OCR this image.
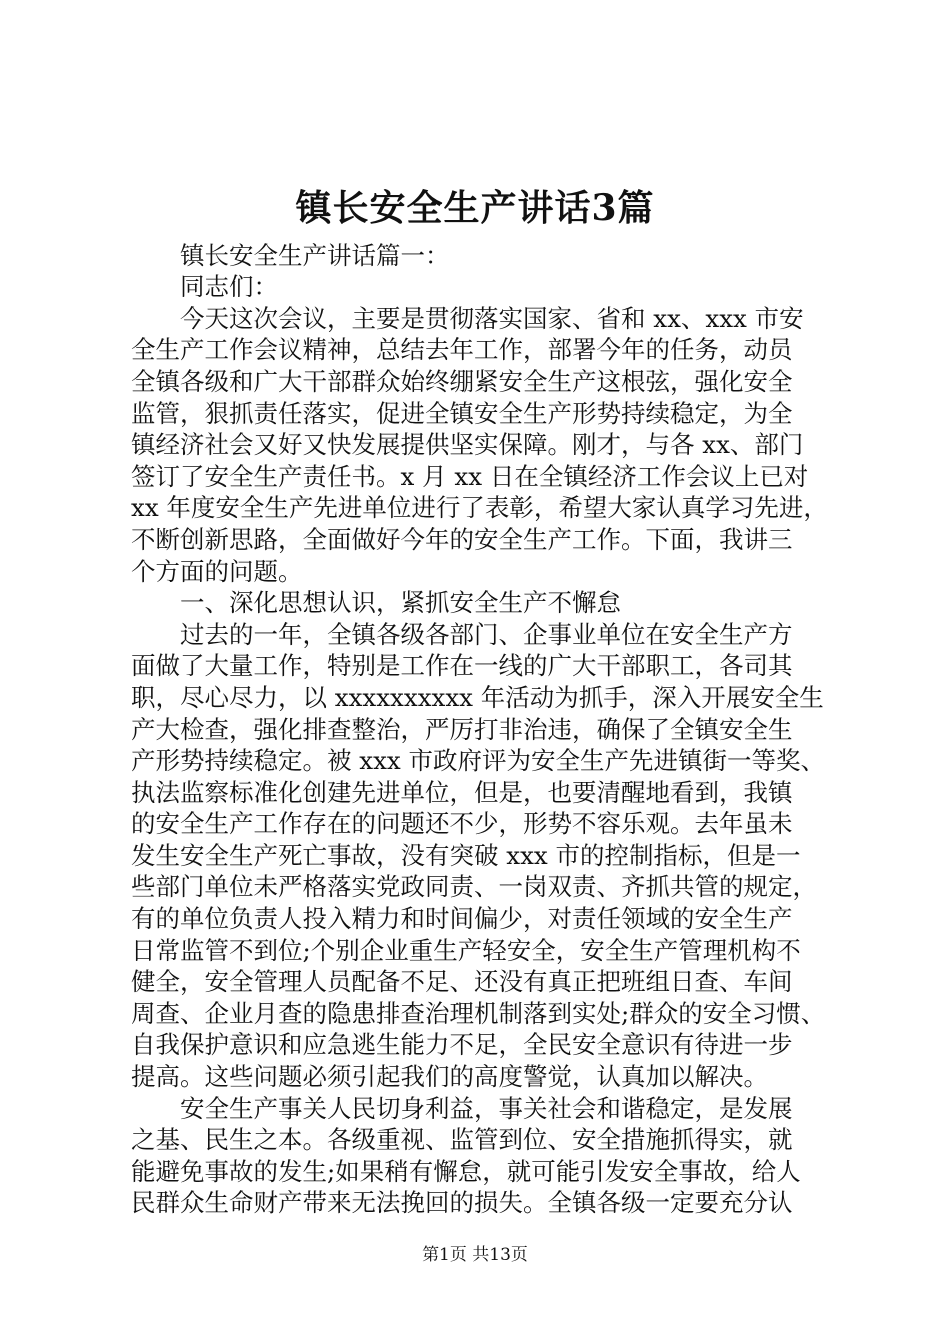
镇长安全生产讲话3篇
　　镇长安全生产讲话篇一：
　　同志们：
　　今天这次会议，主要是贯彻落实国家、省和 xx、xxx 市安
全生产工作会议精神，总结去年工作，部署今年的任务，动员
全镇各级和广大干部群众始终绷紧安全生产这根弦，强化安全
监管，狠抓责任落实，促进全镇安全生产形势持续稳定，为全
镇经济社会又好又快发展提供坚实保障。刚才，与各 xx、部门
签订了安全生产责任书。x 月 xx 日在全镇经济工作会议上已对
xx 年度安全生产先进单位进行了表彰，希望大家认真学习先进，
不断创新思路，全面做好今年的安全生产工作。下面，我讲三
个方面的问题。
　　一、深化思想认识，紧抓安全生产不懈怠
　　过去的一年，全镇各级各部门、企事业单位在安全生产方
面做了大量工作，特别是工作在一线的广大干部职工，各司其
职，尽心尽力，以 xxxxxxxxxx 年活动为抓手，深入开展安全生
产大检查，强化排查整治，严厉打非治违，确保了全镇安全生
产形势持续稳定。被 xxx 市政府评为安全生产先进镇街一等奖、
执法监察标准化创建先进单位，但是，也要清醒地看到，我镇
的安全生产工作存在的问题还不少，形势不容乐观。去年虽未
发生安全生产死亡事故，没有突破 xxx 市的控制指标，但是一
些部门单位未严格落实党政同责、一岗双责、齐抓共管的规定，
有的单位负责人投入精力和时间偏少，对责任领域的安全生产
日常监管不到位;个别企业重生产轻安全，安全生产管理机构不
健全，安全管理人员配备不足、还没有真正把班组日查、车间
周查、企业月查的隐患排查治理机制落到实处;群众的安全习惯、
自我保护意识和应急逃生能力不足，全民安全意识有待进一步
提高。这些问题必须引起我们的高度警觉，认真加以解决。
　　安全生产事关人民切身利益，事关社会和谐稳定，是发展
之基、民生之本。各级重视、监管到位、安全措施抓得实，就
能避免事故的发生;如果稍有懈怠，就可能引发安全事故，给人
民群众生命财产带来无法挽回的损失。全镇各级一定要充分认
第1页 共13页
